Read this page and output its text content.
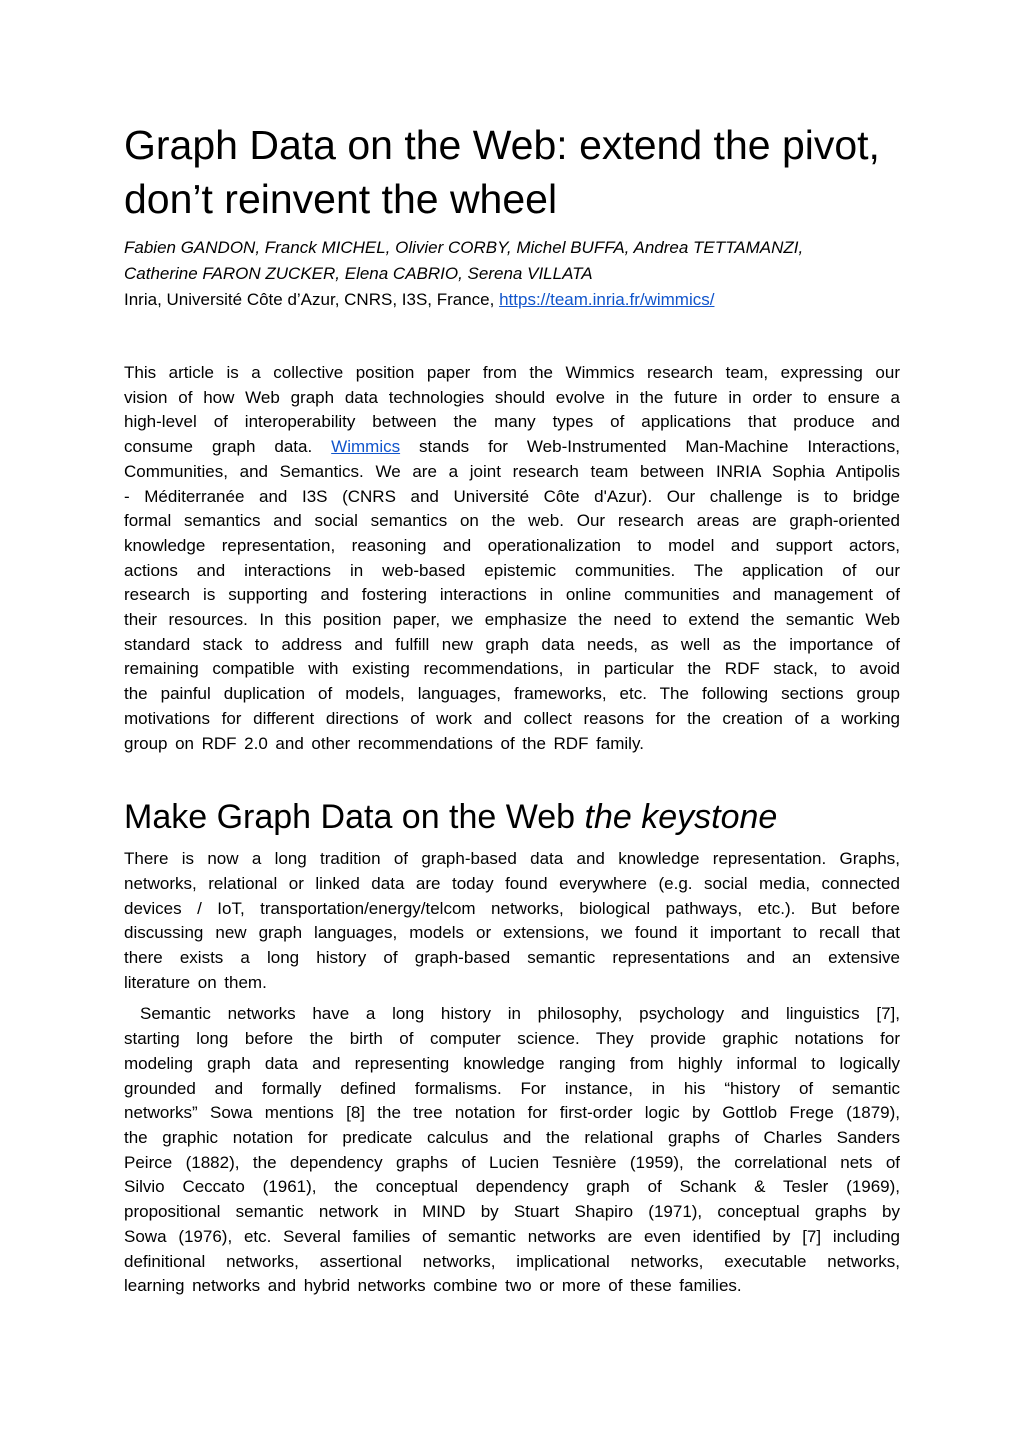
Graph Data on the Web: extend the pivot,
don’t reinvent the wheel
Fabien GANDON, Franck MICHEL, Olivier CORBY, Michel BUFFA, Andrea TETTAMANZI,
Catherine FARON ZUCKER, Elena CABRIO, Serena VILLATA
Inria, Université Côte d’Azur, CNRS, I3S, France, https://team.inria.fr/wimmics/
This article is a collective position paper from the Wimmics research team, expressing our
vision of how Web graph data technologies should evolve in the future in order to ensure a
high-level of interoperability between the many types of applications that produce and
consume graph data. Wimmics stands for Web-Instrumented Man-Machine Interactions,
Communities, and Semantics. We are a joint research team between INRIA Sophia Antipolis
- Méditerranée and I3S (CNRS and Université Côte d'Azur). Our challenge is to bridge
formal semantics and social semantics on the web. Our research areas are graph-oriented
knowledge representation, reasoning and operationalization to model and support actors,
actions and interactions in web-based epistemic communities. The application of our
research is supporting and fostering interactions in online communities and management of
their resources. In this position paper, we emphasize the need to extend the semantic Web
standard stack to address and fulfill new graph data needs, as well as the importance of
remaining compatible with existing recommendations, in particular the RDF stack, to avoid
the painful duplication of models, languages, frameworks, etc. The following sections group
motivations for different directions of work and collect reasons for the creation of a working
group on RDF 2.0 and other recommendations of the RDF family.
Make Graph Data on the Web the keystone
There is now a long tradition of graph-based data and knowledge representation. Graphs,
networks, relational or linked data are today found everywhere (e.g. social media, connected
devices / IoT, transportation/energy/telcom networks, biological pathways, etc.). But before
discussing new graph languages, models or extensions, we found it important to recall that
there exists a long history of graph-based semantic representations and an extensive
literature on them.
Semantic networks have a long history in philosophy, psychology and linguistics [7],
starting long before the birth of computer science. They provide graphic notations for
modeling graph data and representing knowledge ranging from highly informal to logically
grounded and formally defined formalisms. For instance, in his “history of semantic
networks” Sowa mentions [8] the tree notation for first-order logic by Gottlob Frege (1879),
the graphic notation for predicate calculus and the relational graphs of Charles Sanders
Peirce (1882), the dependency graphs of Lucien Tesnière (1959), the correlational nets of
Silvio Ceccato (1961), the conceptual dependency graph of Schank & Tesler (1969),
propositional semantic network in MIND by Stuart Shapiro (1971), conceptual graphs by
Sowa (1976), etc. Several families of semantic networks are even identified by [7] including
definitional networks, assertional networks, implicational networks, executable networks,
learning networks and hybrid networks combine two or more of these families.
